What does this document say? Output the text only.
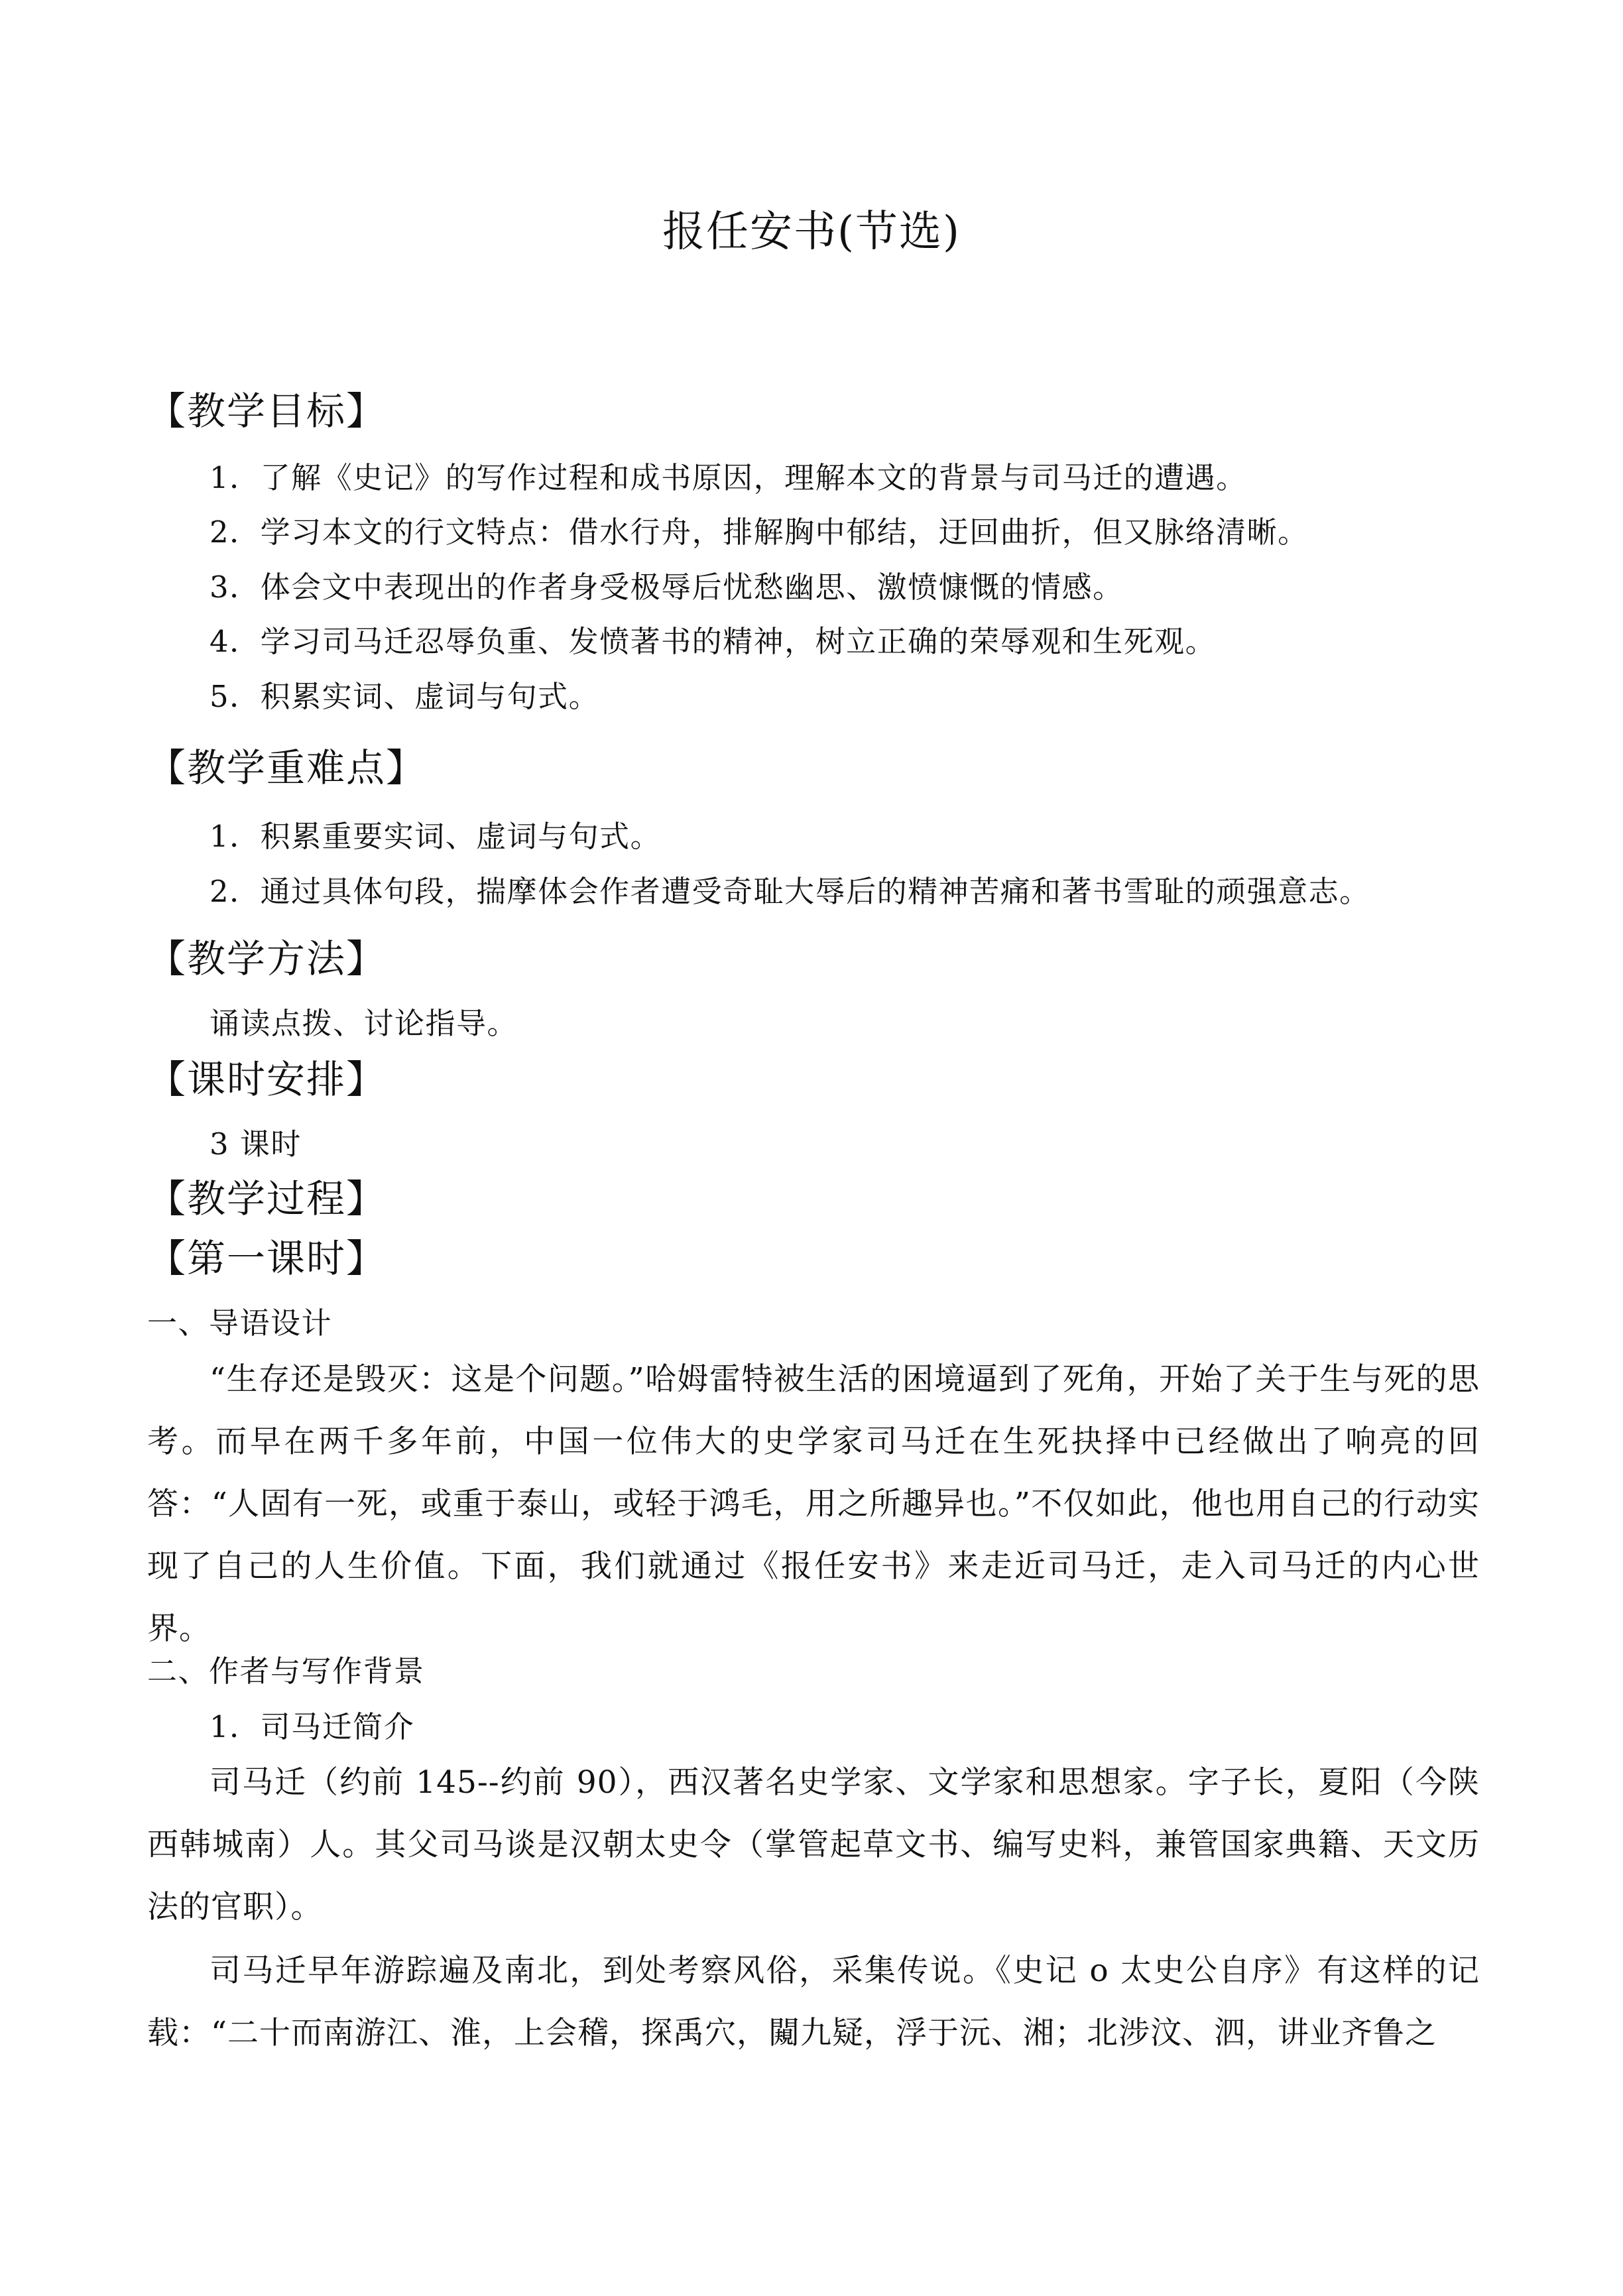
报任安书(节选)
【教学目标】
1．了解《史记》的写作过程和成书原因，理解本文的背景与司马迁的遭遇。
2．学习本文的行文特点：借水行舟，排解胸中郁结，迂回曲折，但又脉络清晰。
3．体会文中表现出的作者身受极辱后忧愁幽思、激愤慷慨的情感。
4．学习司马迁忍辱负重、发愤著书的精神，树立正确的荣辱观和生死观。
5．积累实词、虚词与句式。
【教学重难点】
1．积累重要实词、虚词与句式。
2．通过具体句段，揣摩体会作者遭受奇耻大辱后的精神苦痛和著书雪耻的顽强意志。
【教学方法】
诵读点拨、讨论指导。
【课时安排】
3 课时
【教学过程】
【第一课时】
一、导语设计
“生存还是毁灭：这是个问题。”哈姆雷特被生活的困境逼到了死角，开始了关于生与死的思考。而早在两千多年前，中国一位伟大的史学家司马迁在生死抉择中已经做出了响亮的回答：“人固有一死，或重于泰山，或轻于鸿毛，用之所趣异也。”不仅如此，他也用自己的行动实现了自己的人生价值。下面，我们就通过《报任安书》来走近司马迁，走入司马迁的内心世界。
二、作者与写作背景
1．司马迁简介
司马迁（约前 145--约前 90），西汉著名史学家、文学家和思想家。字子长，夏阳（今陕西韩城南）人。其父司马谈是汉朝太史令（掌管起草文书、编写史料，兼管国家典籍、天文历法的官职）。
司马迁早年游踪遍及南北，到处考察风俗，采集传说。《史记 o 太史公自序》有这样的记载：“二十而南游江、淮，上会稽，探禹穴，闚九疑，浮于沅、湘；北涉汶、泗，讲业齐鲁之
